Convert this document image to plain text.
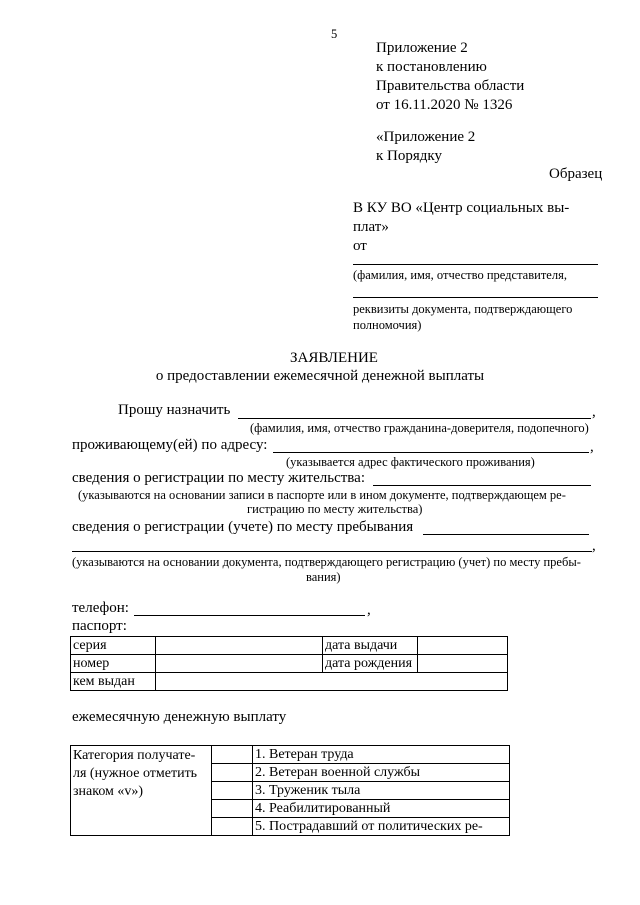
5
Приложение 2
к постановлению
Правительства области
от 16.11.2020 № 1326
«Приложение 2
к Порядку
Образец
В КУ ВО «Центр социальных вы-
плат»
от
(фамилия, имя, отчество представителя,
реквизиты документа, подтверждающего
полномочия)
ЗАЯВЛЕНИЕ
о предоставлении ежемесячной денежной выплаты
Прошу назначить	,
(фамилия, имя, отчество гражданина-доверителя, подопечного)
проживающему(ей) по адресу:	,
(указывается адрес фактического проживания)
сведения о регистрации по месту жительства:
(указываются на основании записи в паспорте или в ином документе, подтверждающем ре-
гистрацию по месту жительства)
сведения о регистрации (учете) по месту пребывания
,
(указываются на основании документа, подтверждающего регистрацию (учет) по месту пребы-
вания)
телефон:	,
паспорт:
серия		дата выдачи	
номер		дата рождения	
кем выдан			
ежемесячную денежную выплату
Категория получате-
ля (нужное отметить
знаком «v»)		1. Ветеран труда
		2. Ветеран военной службы
		3. Труженик тыла
		4. Реабилитированный
		5. Пострадавший от политических ре-
